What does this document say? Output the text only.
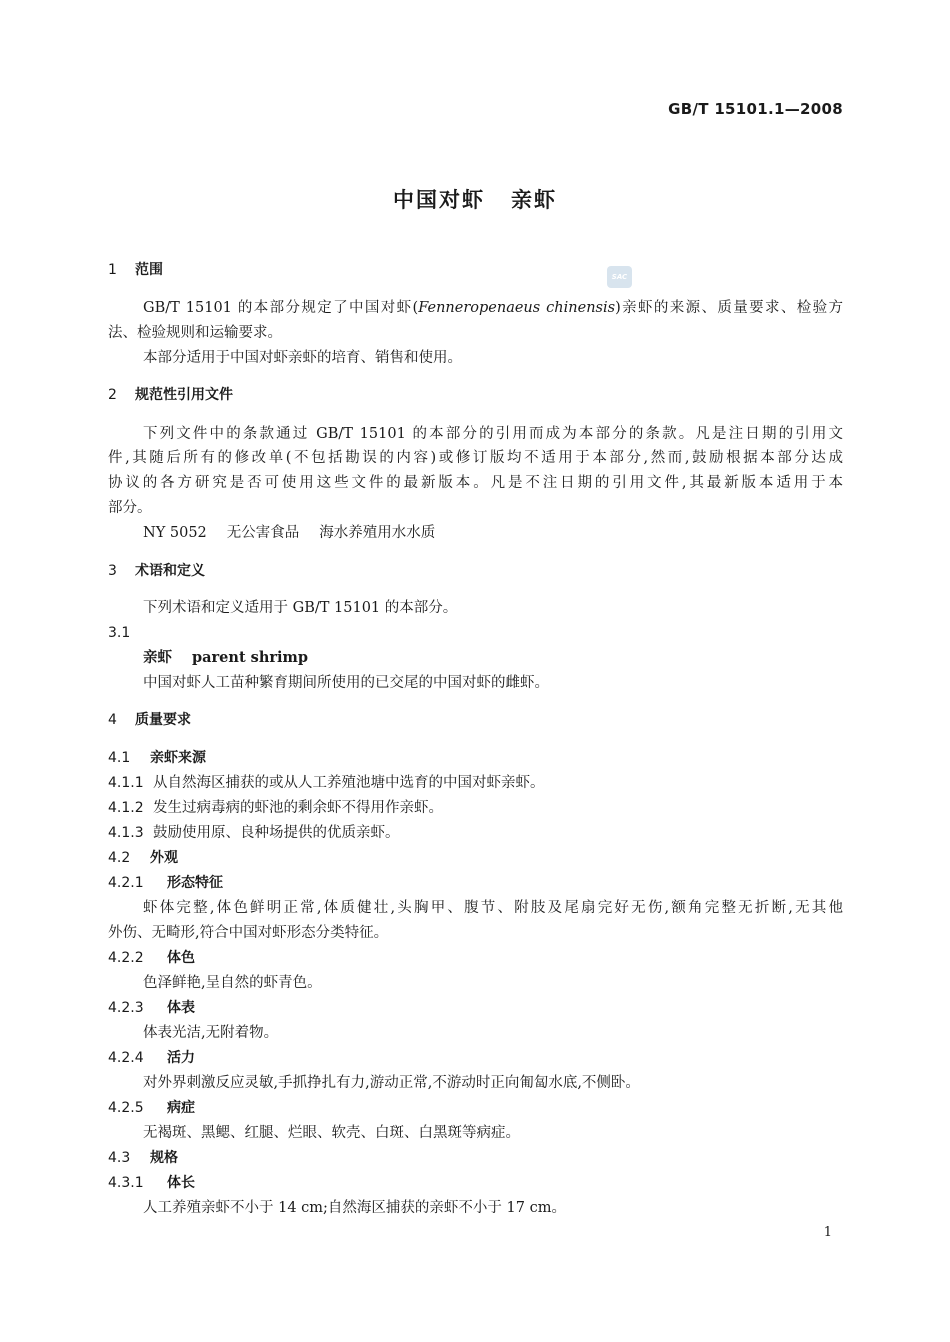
GB/T 15101.1—2008
中国对虾 亲虾
SAC
1 范围
GB/T 15101 的本部分规定了中国对虾(Fenneropenaeus chinensis)亲虾的来源、质量要求、检验方
法、检验规则和运输要求。
本部分适用于中国对虾亲虾的培育、销售和使用。
2 规范性引用文件
下列文件中的条款通过 GB/T 15101 的本部分的引用而成为本部分的条款。凡是注日期的引用文
件,其随后所有的修改单(不包括勘误的内容)或修订版均不适用于本部分,然而,鼓励根据本部分达成
协议的各方研究是否可使用这些文件的最新版本。凡是不注日期的引用文件,其最新版本适用于本
部分。
NY 5052 无公害食品 海水养殖用水水质
3 术语和定义
下列术语和定义适用于 GB/T 15101 的本部分。
3.1
亲虾 parent shrimp
中国对虾人工苗种繁育期间所使用的已交尾的中国对虾的雌虾。
4 质量要求
4.1 亲虾来源
4.1.1 从自然海区捕获的或从人工养殖池塘中选育的中国对虾亲虾。
4.1.2 发生过病毒病的虾池的剩余虾不得用作亲虾。
4.1.3 鼓励使用原、良种场提供的优质亲虾。
4.2 外观
4.2.1 形态特征
虾体完整,体色鲜明正常,体质健壮,头胸甲、腹节、附肢及尾扇完好无伤,额角完整无折断,无其他
外伤、无畸形,符合中国对虾形态分类特征。
4.2.2 体色
色泽鲜艳,呈自然的虾青色。
4.2.3 体表
体表光洁,无附着物。
4.2.4 活力
对外界刺激反应灵敏,手抓挣扎有力,游动正常,不游动时正向匍匐水底,不侧卧。
4.2.5 病症
无褐斑、黑鳃、红腿、烂眼、软壳、白斑、白黑斑等病症。
4.3 规格
4.3.1 体长
人工养殖亲虾不小于 14 cm;自然海区捕获的亲虾不小于 17 cm。
1
